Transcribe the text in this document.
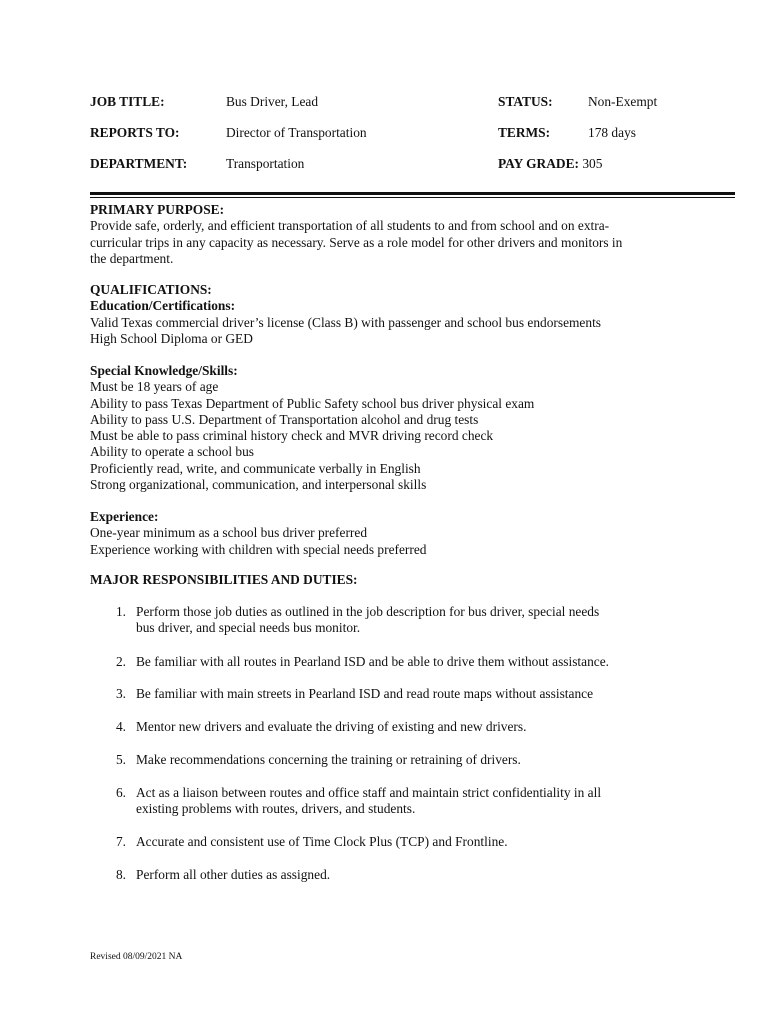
JOB TITLE:	Bus Driver, Lead	STATUS:	Non-Exempt
REPORTS TO:	Director of Transportation	TERMS:	178 days
DEPARTMENT:	Transportation	PAY GRADE: 305
PRIMARY PURPOSE:
Provide safe, orderly, and efficient transportation of all students to and from school and on extra-
curricular trips in any capacity as necessary. Serve as a role model for other drivers and monitors in
the department.
QUALIFICATIONS:
Education/Certifications:
Valid Texas commercial driver’s license (Class B) with passenger and school bus endorsements
High School Diploma or GED
Special Knowledge/Skills:
Must be 18 years of age
Ability to pass Texas Department of Public Safety school bus driver physical exam
Ability to pass U.S. Department of Transportation alcohol and drug tests
Must be able to pass criminal history check and MVR driving record check
Ability to operate a school bus
Proficiently read, write, and communicate verbally in English
Strong organizational, communication, and interpersonal skills
Experience:
One-year minimum as a school bus driver preferred
Experience working with children with special needs preferred
MAJOR RESPONSIBILITIES AND DUTIES:
1. Perform those job duties as outlined in the job description for bus driver, special needs
bus driver, and special needs bus monitor.
2. Be familiar with all routes in Pearland ISD and be able to drive them without assistance.
3. Be familiar with main streets in Pearland ISD and read route maps without assistance
4. Mentor new drivers and evaluate the driving of existing and new drivers.
5. Make recommendations concerning the training or retraining of drivers.
6. Act as a liaison between routes and office staff and maintain strict confidentiality in all
existing problems with routes, drivers, and students.
7. Accurate and consistent use of Time Clock Plus (TCP) and Frontline.
8. Perform all other duties as assigned.
Revised 08/09/2021 NA
